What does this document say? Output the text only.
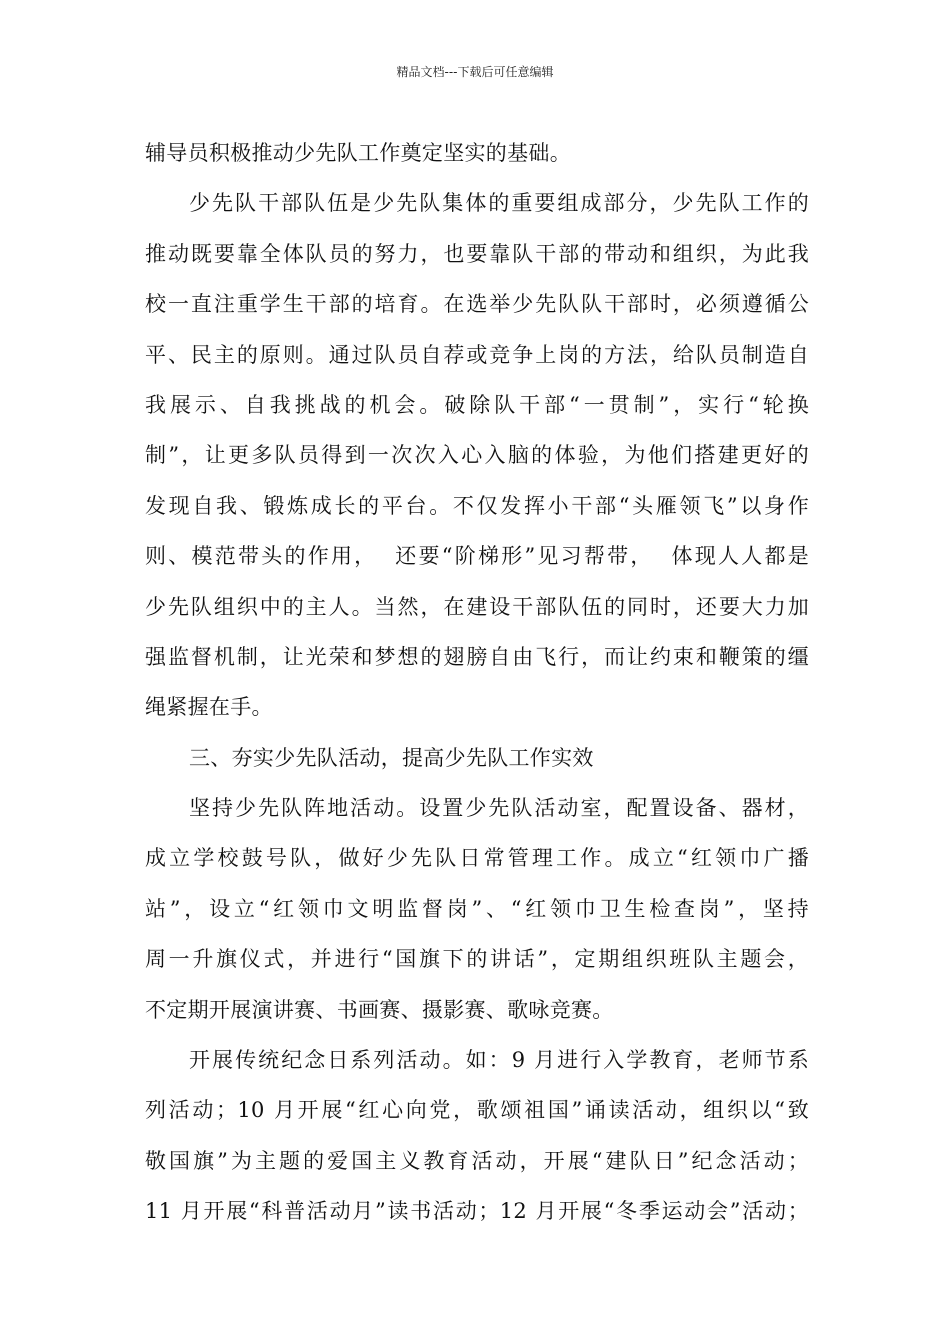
精品文档---下载后可任意编辑
辅导员积极推动少先队工作奠定坚实的基础。
少先队干部队伍是少先队集体的重要组成部分，少先队工作的
推动既要靠全体队员的努力，也要靠队干部的带动和组织，为此我
校一直注重学生干部的培育。在选举少先队队干部时，必须遵循公
平、民主的原则。通过队员自荐或竞争上岗的方法，给队员制造自
我展示、自我挑战的机会。破除队干部“一贯制”，实行“轮换
制”，让更多队员得到一次次入心入脑的体验，为他们搭建更好的
发现自我、锻炼成长的平台。不仅发挥小干部“头雁领飞”以身作
则、模范带头的作用，  还要“阶梯形”见习帮带，  体现人人都是
少先队组织中的主人。当然，在建设干部队伍的同时，还要大力加
强监督机制，让光荣和梦想的翅膀自由飞行，而让约束和鞭策的缰
绳紧握在手。
三、夯实少先队活动，提高少先队工作实效
坚持少先队阵地活动。设置少先队活动室，配置设备、器材，
成立学校鼓号队，做好少先队日常管理工作。成立“红领巾广播
站”，设立“红领巾文明监督岗”、“红领巾卫生检查岗”，坚持
周一升旗仪式，并进行“国旗下的讲话”，定期组织班队主题会，
不定期开展演讲赛、书画赛、摄影赛、歌咏竞赛。
开展传统纪念日系列活动。如：9 月进行入学教育，老师节系
列活动；10 月开展“红心向党，歌颂祖国”诵读活动，组织以“致
敬国旗”为主题的爱国主义教育活动，开展“建队日”纪念活动；
11 月开展“科普活动月”读书活动；12 月开展“冬季运动会”活动；
